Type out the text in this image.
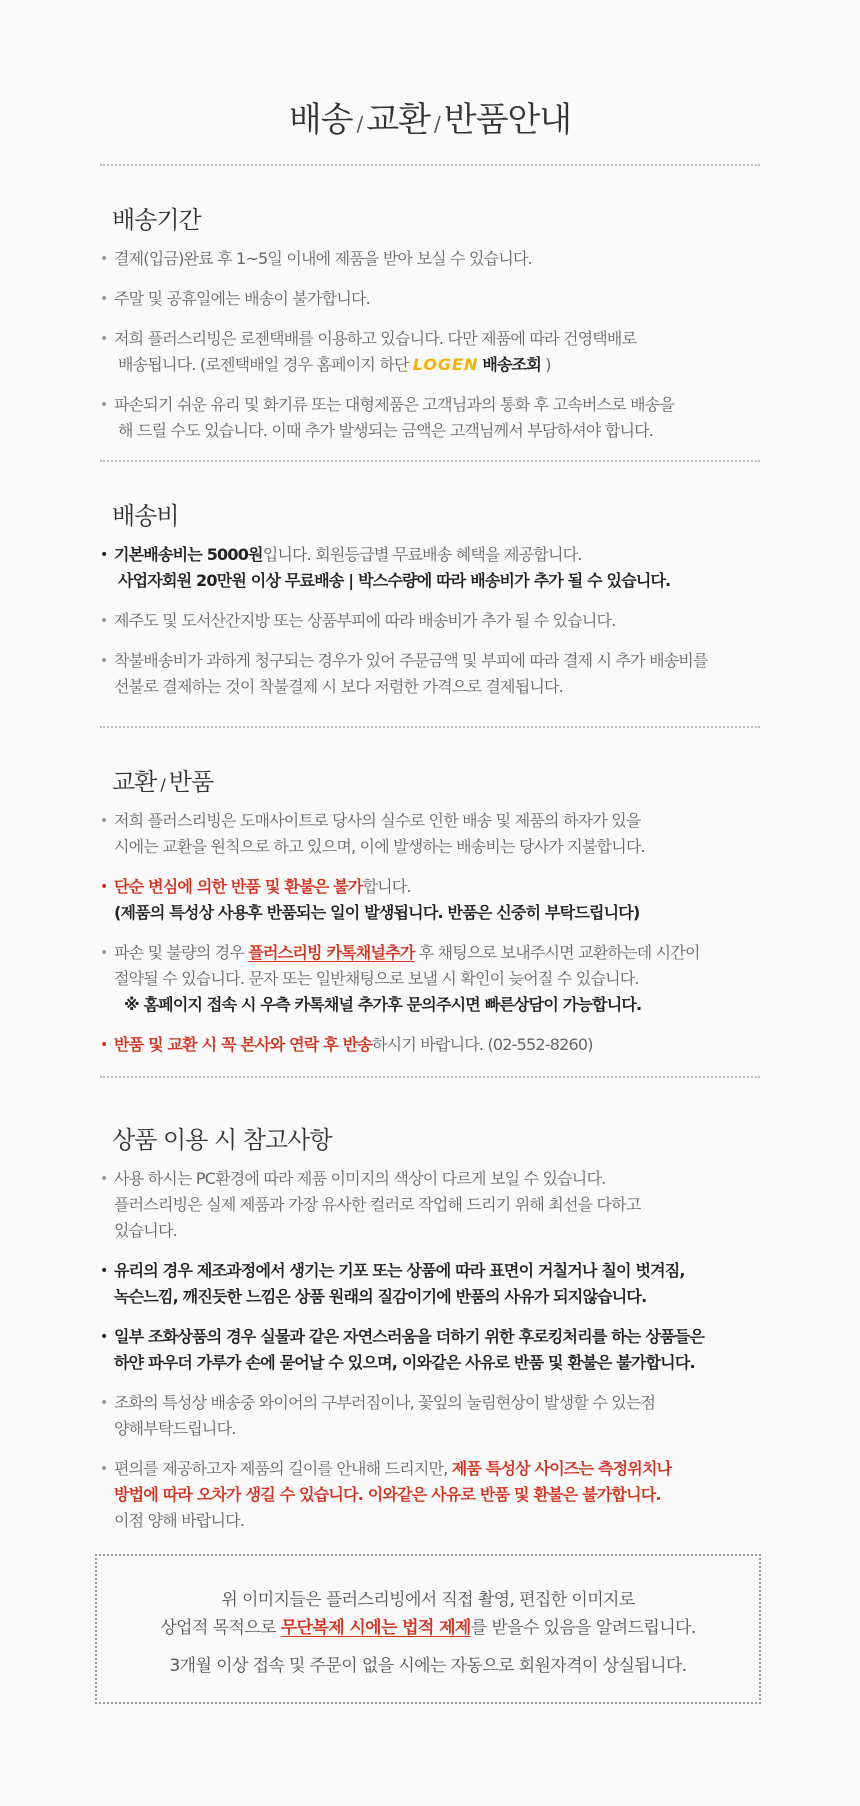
배송 / 교환 / 반품안내
배송기간
• 결제(입금)완료 후 1~5일 이내에 제품을 받아 보실 수 있습니다.
• 주말 및 공휴일에는 배송이 불가합니다.
• 저희 플러스리빙은 로젠택배를 이용하고 있습니다. 다만 제품에 따라 건영택배로
배송됩니다. (로젠택배일 경우 홈페이지 하단 LOGEN 배송조회 )
• 파손되기 쉬운 유리 및 화기류 또는 대형제품은 고객님과의 통화 후 고속버스로 배송을
해 드릴 수도 있습니다. 이때 추가 발생되는 금액은 고객님께서 부담하셔야 합니다.
배송비
• 기본배송비는 5000원입니다. 회원등급별 무료배송 혜택을 제공합니다.
사업자회원 20만원 이상 무료배송 | 박스수량에 따라 배송비가 추가 될 수 있습니다.
• 제주도 및 도서산간지방 또는 상품부피에 따라 배송비가 추가 될 수 있습니다.
• 착불배송비가 과하게 청구되는 경우가 있어 주문금액 및 부피에 따라 결제 시 추가 배송비를
선불로 결제하는 것이 착불결제 시 보다 저렴한 가격으로 결제됩니다.
교환 / 반품
• 저희 플러스리빙은 도매사이트로 당사의 실수로 인한 배송 및 제품의 하자가 있을
시에는 교환을 원칙으로 하고 있으며, 이에 발생하는 배송비는 당사가 지불합니다.
• 단순 변심에 의한 반품 및 환불은 불가합니다.
(제품의 특성상 사용후 반품되는 일이 발생됩니다. 반품은 신중히 부탁드립니다)
• 파손 및 불량의 경우 플러스리빙 카톡채널추가 후 채팅으로 보내주시면 교환하는데 시간이
절약될 수 있습니다. 문자 또는 일반채팅으로 보낼 시 확인이 늦어질 수 있습니다.
※ 홈페이지 접속 시 우측 카톡채널 추가후 문의주시면 빠른상담이 가능합니다.
• 반품 및 교환 시 꼭 본사와 연락 후 반송하시기 바랍니다. (02-552-8260)
상품 이용 시 참고사항
• 사용 하시는 PC환경에 따라 제품 이미지의 색상이 다르게 보일 수 있습니다.
플러스리빙은 실제 제품과 가장 유사한 컬러로 작업해 드리기 위해 최선을 다하고
있습니다.
• 유리의 경우 제조과정에서 생기는 기포 또는 상품에 따라 표면이 거칠거나 칠이 벗겨짐,
녹슨느낌, 깨진듯한 느낌은 상품 원래의 질감이기에 반품의 사유가 되지않습니다.
• 일부 조화상품의 경우 실물과 같은 자연스러움을 더하기 위한 후로킹처리를 하는 상품들은
하얀 파우더 가루가 손에 묻어날 수 있으며, 이와같은 사유로 반품 및 환불은 불가합니다.
• 조화의 특성상 배송중 와이어의 구부러짐이나, 꽃잎의 눌림현상이 발생할 수 있는점
양해부탁드립니다.
• 편의를 제공하고자 제품의 길이를 안내해 드리지만, 제품 특성상 사이즈는 측정위치나
방법에 따라 오차가 생길 수 있습니다. 이와같은 사유로 반품 및 환불은 불가합니다.
이점 양해 바랍니다.

위 이미지들은 플러스리빙에서 직접 촬영, 편집한 이미지로

상업적 목적으로 무단복제 시에는 법적 제제를 받을수 있음을 알려드립니다.

3개월 이상 접속 및 주문이 없을 시에는 자동으로 회원자격이 상실됩니다.
